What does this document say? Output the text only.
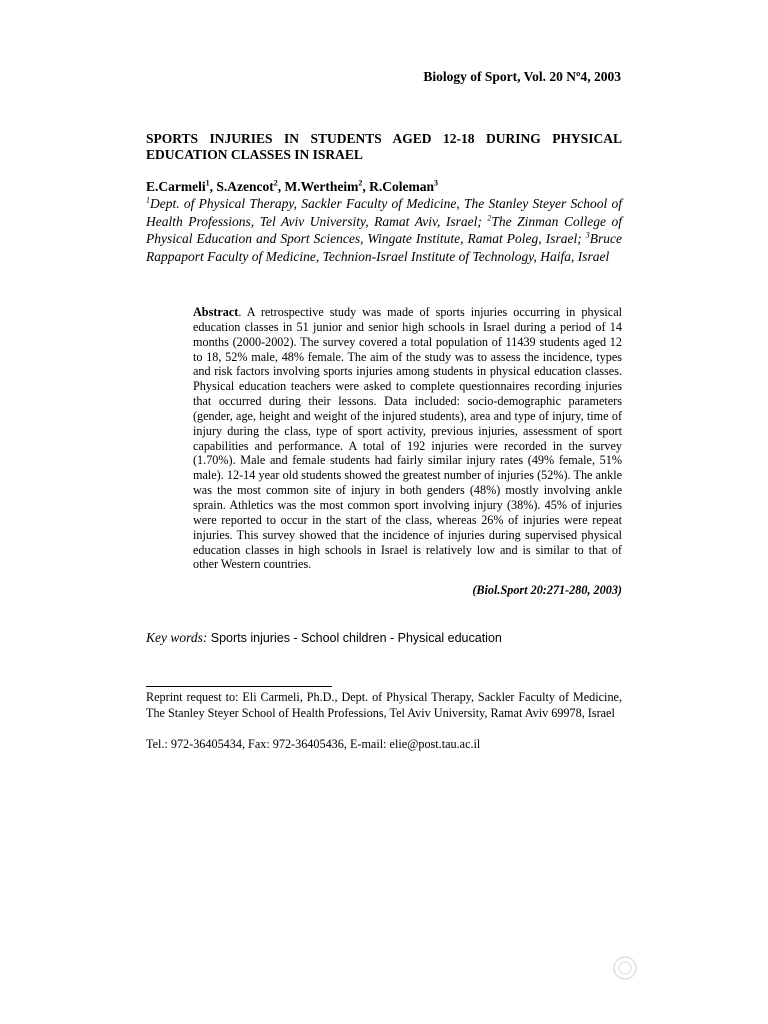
Biology of Sport, Vol. 20 Nº4, 2003
SPORTS INJURIES IN STUDENTS AGED 12-18 DURING PHYSICAL EDUCATION CLASSES IN ISRAEL
E.Carmeli$^1$, S.Azencot$^2$, M.Wertheim$^2$, R.Coleman$^3$
$^1$Dept. of Physical Therapy, Sackler Faculty of Medicine, The Stanley Steyer School of Health Professions, Tel Aviv University, Ramat Aviv, Israel; $^2$The Zinman College of Physical Education and Sport Sciences, Wingate Institute, Ramat Poleg, Israel; $^3$Bruce Rappaport Faculty of Medicine, Technion-Israel Institute of Technology, Haifa, Israel
Abstract. A retrospective study was made of sports injuries occurring in physical education classes in 51 junior and senior high schools in Israel during a period of 14 months (2000-2002). The survey covered a total population of 11439 students aged 12 to 18, 52% male, 48% female. The aim of the study was to assess the incidence, types and risk factors involving sports injuries among students in physical education classes. Physical education teachers were asked to complete questionnaires recording injuries that occurred during their lessons. Data included: socio-demographic parameters (gender, age, height and weight of the injured students), area and type of injury, time of injury during the class, type of sport activity, previous injuries, assessment of sport capabilities and performance. A total of 192 injuries were recorded in the survey (1.70%). Male and female students had fairly similar injury rates (49% female, 51% male). 12-14 year old students showed the greatest number of injuries (52%). The ankle was the most common site of injury in both genders (48%) mostly involving ankle sprain. Athletics was the most common sport involving injury (38%). 45% of injuries were reported to occur in the start of the class, whereas 26% of injuries were repeat injuries. This survey showed that the incidence of injuries during supervised physical education classes in high schools in Israel is relatively low and is similar to that of other Western countries.
(Biol.Sport 20:271-280, 2003)
Key words: Sports injuries - School children - Physical education
Reprint request to: Eli Carmeli, Ph.D., Dept. of Physical Therapy, Sackler Faculty of Medicine, The Stanley Steyer School of Health Professions, Tel Aviv University, Ramat Aviv 69978, Israel
Tel.: 972-36405434, Fax: 972-36405436, E-mail: elie@post.tau.ac.il
